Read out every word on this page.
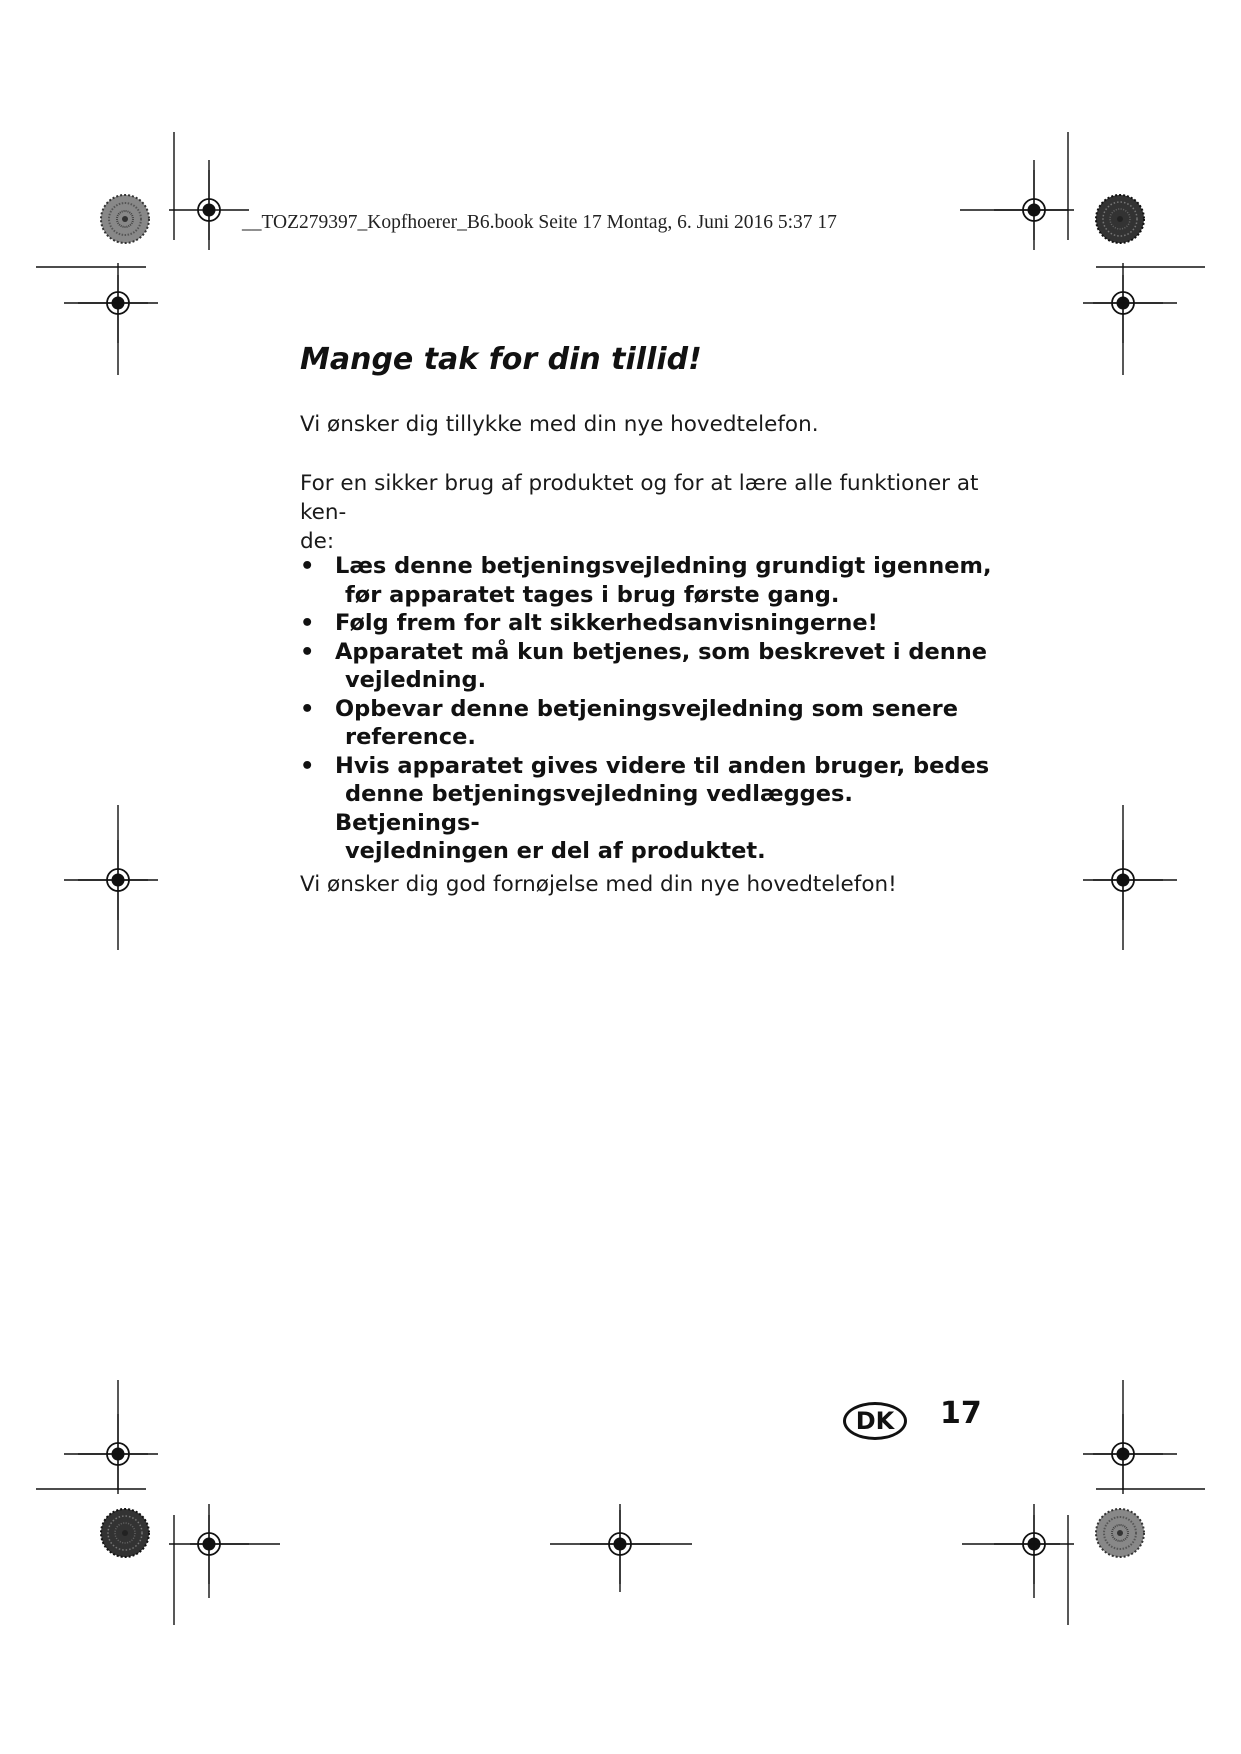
__TOZ279397_Kopfhoerer_B6.book Seite 17 Montag, 6. Juni 2016 5:37 17
Mange tak for din tillid!

Vi ønsker dig tillykke med din nye hovedtelefon.

For en sikker brug af produktet og for at lære alle funktioner at ken-
de:

• Læs denne betjeningsvejledning grundigt igennem,
før apparatet tages i brug første gang.
• Følg frem for alt sikkerhedsanvisningerne!
• Apparatet må kun betjenes, som beskrevet i denne
vejledning.
• Opbevar denne betjeningsvejledning som senere
reference.
• Hvis apparatet gives videre til anden bruger, bedes
denne betjeningsvejledning vedlægges. Betjenings-
vejledningen er del af produktet.

Vi ønsker dig god fornøjelse med din nye hovedtelefon!

DK	17
